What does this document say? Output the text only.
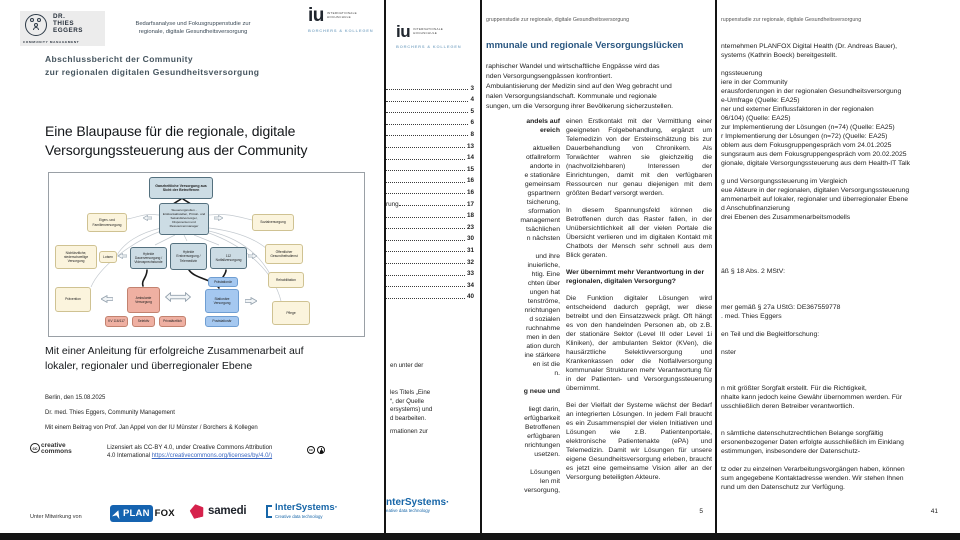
DR.
THIES
EGGERS
COMMUNITY MANAGEMENT
Bedarfsanalyse und Fokusgruppenstudie zur
regionale, digitale Gesundheitsversorgung
iu INTERNATIONALE
HOCHSCHULE
BORCHERS & KOLLEGEN
Abschlussbericht der Community
zur regionalen digitalen Gesundheitsversorgung
Eine Blaupause für die regionale, digitale
Versorgungssteuerung aus der Community
Ganzheitliche Versorgung aus Sicht der Betroffenen
Steuerungsrollen - Erstkontaktstellen, Primär- und Sekundärversorger, Disponenten und Ressourcenmanager
Eigen- und Familienversorgung
Sozialversorgung
Nichtärztliche, niederschwellige Versorgung
Lotsen
Hybride Dauerversorgung / Videosprechstunde
Hybride Erstversorgung / Telemedizin
112 Notfallversorgung
Öffentlicher Gesundheitsdienst
Rehabilitation
Prästationär
Prävention	Ambulante Versorgung
Stationäre Versorgung
Pflege
KV 116/117	Selektiv	Privatärztlich	Poststationär
Mit einer Anleitung für erfolgreiche Zusammenarbeit auf
lokaler, regionaler und überregionaler Ebene
Berlin, den 15.08.2025
Dr. med. Thies Eggers, Community Management
Mit einem Beitrag von Prof. Jan Appel von der IU Münster / Borchers & Kollegen
cc creative
commons	Lizensiert als CC-BY 4.0, under Creative Commons Attribution
4.0 International https://creativecommons.org/licenses/by/4.0/)
cc
Unter Mitwirkung von	PLAN FOX	samedi	InterSystems·
Creative data technology
iu INTERNATIONALE
HOCHSCHULE
BORCHERS & KOLLEGEN
3
4
5
6
8
13
14
15
16
16
rung	17
18
23
30
31
32
33
34
40
en unter der
les Titels „Eine
“, der Quelle
ersystems) und
d bearbeiten.
rmationen zur
nterSystems·
eative data technology
gruppenstudie zur regionale, digitale Gesundheitsversorgung
mmunale und regionale Versorgungslücken
raphischer Wandel und wirtschaftliche Engpässe wird das
nden Versorgungsengpässen konfrontiert.
Ambulantisierung der Medizin sind auf den Weg gebracht und
nalen Versorgungslandschaft. Kommunale und regionale
sungen, um die Versorgung ihrer Bevölkerung sicherzustellen.
andels auf
ereich
aktuellen
otfallreform
andorte in
e stationäre
gemeinsam
gspartnern
tsicherung,
sformation
management
tsächlichen
n nächsten
und ihre
inuierliche,
htig. Eine
chten über
ungen hat
tenströme,
nrichtungen
d sozialen
ruchnahme
men in den
ation durch
ine stärkere
en ist die
n.
g neue und
liegt darin,
erfügbarkeit
Betroffenen
erfügbaren
nrichtungen
usetzen.
Lösungen
len mit
versorgung,
einen Erstkontakt mit der Vermittlung einer geeigneten Folgebehandlung, ergänzt um Telemedizin von der Ersteinschätzung bis zur Dauerbehandlung von Chronikern. Als Torwächter wahren sie gleichzeitig die (nachvollziehbaren) Interessen der Einrichtungen, damit mit den verfügbaren Ressourcen nur genau diejenigen mit dem größten Bedarf versorgt werden.
In diesem Spannungsfeld können die Betroffenen durch das Raster fallen, in der Unübersichtlichkeit all der vielen Portale die Übersicht verlieren und im digitalen Kontakt mit Chatbots der Mensch sehr schnell aus dem Blick geraten.
Wer übernimmt mehr Verantwortung in der regionalen, digitalen Versorgung?
Die Funktion digitaler Lösungen wird entscheidend dadurch geprägt, wer diese betreibt und den Einsatzzweck prägt. Oft hängt es von den handelnden Personen ab, ob z.B. der stationäre Sektor (Level III oder Level 1i Kliniken), der ambulanten Sektor (KVen), die hausärztliche Selektivversorgung und Krankenkassen oder die Notfallversorgung kommunaler Strukturen mehr Verantwortung für in der Patienten- und Versorgungssteuerung übernimmt.
Bei der Vielfalt der Systeme wächst der Bedarf an integrierten Lösungen. In jedem Fall braucht es ein Zusammenspiel der vielen Initiativen und Lösungen wie z.B. Patientenportale, elektronische Patientenakte (ePA) und Telemedizin. Damit wir Lösungen für unsere eigene Gesundheitsversorgung erleben, braucht es jetzt eine gemeinsame Vision aller an der Versorgung beteiligten Akteure.
5
ruppenstudie zur regionale, digitale Gesundheitsversorgung
nternehmen PLANFOX Digital Health (Dr. Andreas Bauer),
systems (Kathrin Boeck) bereitgestellt.
ngssteuerung
iere in der Community
erausforderungen in der regionalen Gesundheitsversorgung
e-Umfrage (Quelle: EA25)
ner und externer Einflussfaktoren in der regionalen
06/104) (Quelle: EA25)
zur Implementierung der Lösungen (n=74) (Quelle: EA25)
r Implementierung der Lösungen (n=72) (Quelle: EA25)
oblem aus dem Fokusgruppengespräch vom 24.01.2025
sungsraum aus dem Fokusgruppengespräch vom 20.02.2025
gionale, digitale Versorgungssteuerung aus dem Health-IT Talk
g und Versorgungssteuerung im Vergleich
eue Akteure in der regionalen, digitalen Versorgungssteuerung
ammenarbeit auf lokaler, regionaler und überregionaler Ebene
d Anschubfinanzierung
drei Ebenen des Zusammenarbeitsmodells
äß § 18 Abs. 2 MStV:
mer gemäß § 27a UStG: DE367559778
. med. Thies Eggers
en Teil und die Begleitforschung:
nster
n mit größter Sorgfalt erstellt. Für die Richtigkeit,
nhalte kann jedoch keine Gewähr übernommen werden. Für
usschließlich deren Betreiber verantwortlich.
n sämtliche datenschutzrechtlichen Belange sorgfältig
ersonenbezogener Daten erfolgte ausschließlich im Einklang
estimmungen, insbesondere der Datenschutz-
tz oder zu einzelnen Verarbeitungsvorgängen haben, können
sum angegebene Kontaktadresse wenden. Wir stehen Ihnen
rund um den Datenschutz zur Verfügung.
41
